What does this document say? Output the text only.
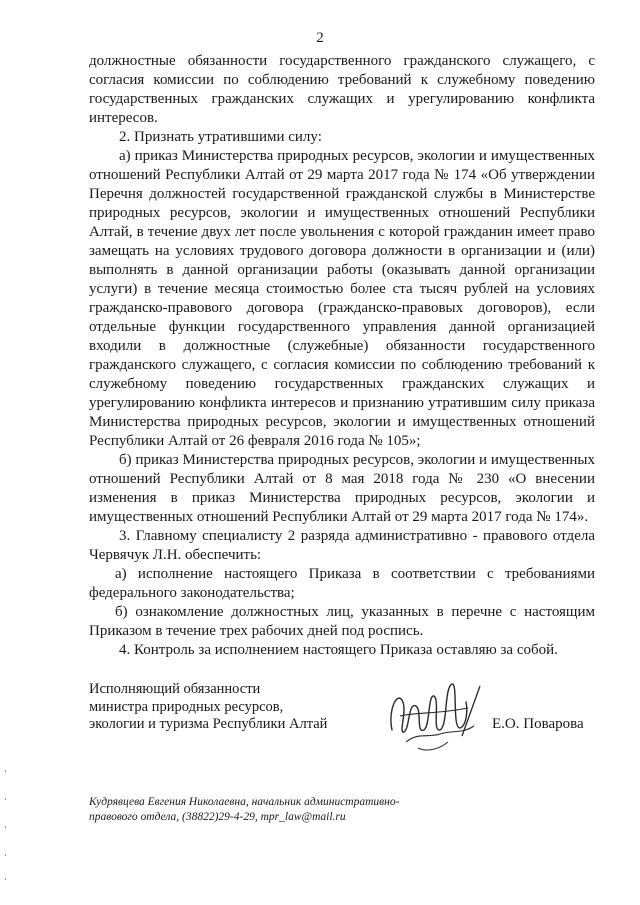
2

должностные обязанности государственного гражданского служащего, с согласия комиссии по соблюдению требований к служебному поведению государственных гражданских служащих и урегулированию конфликта интересов.

2. Признать утратившими силу:

а) приказ Министерства природных ресурсов, экологии и имущественных отношений Республики Алтай от 29 марта 2017 года № 174 «Об утверждении Перечня должностей государственной гражданской службы в Министерстве природных ресурсов, экологии и имущественных отношений Республики Алтай, в течение двух лет после увольнения с которой гражданин имеет право замещать на условиях трудового договора должности в организации и (или) выполнять в данной организации работы (оказывать данной организации услуги) в течение месяца стоимостью более ста тысяч рублей на условиях гражданско-правового договора (гражданско-правовых договоров), если отдельные функции государственного управления данной организацией входили в должностные (служебные) обязанности государственного гражданского служащего, с согласия комиссии по соблюдению требований к служебному поведению государственных гражданских служащих и урегулированию конфликта интересов и признанию утратившим силу приказа Министерства природных ресурсов, экологии и имущественных отношений Республики Алтай от 26 февраля 2016 года № 105»;

б) приказ Министерства природных ресурсов, экологии и имущественных отношений Республики Алтай от 8 мая 2018 года № 230 «О внесении изменения в приказ Министерства природных ресурсов, экологии и имущественных отношений Республики Алтай от 29 марта 2017 года № 174».

3. Главному специалисту 2 разряда административно - правового отдела Червячук Л.Н. обеспечить:

а) исполнение настоящего Приказа в соответствии с требованиями федерального законодательства;

б) ознакомление должностных лиц, указанных в перечне с настоящим Приказом в течение трех рабочих дней под роспись.

4. Контроль за исполнением настоящего Приказа оставляю за собой.

Исполняющий обязанности
министра природных ресурсов,
экологии и туризма Республики Алтай	Е.О. Поварова
Кудрявцева Евгения Николаевна, начальник административно-
правового отдела, (38822)29-4-29, mpr_law@mail.ru
